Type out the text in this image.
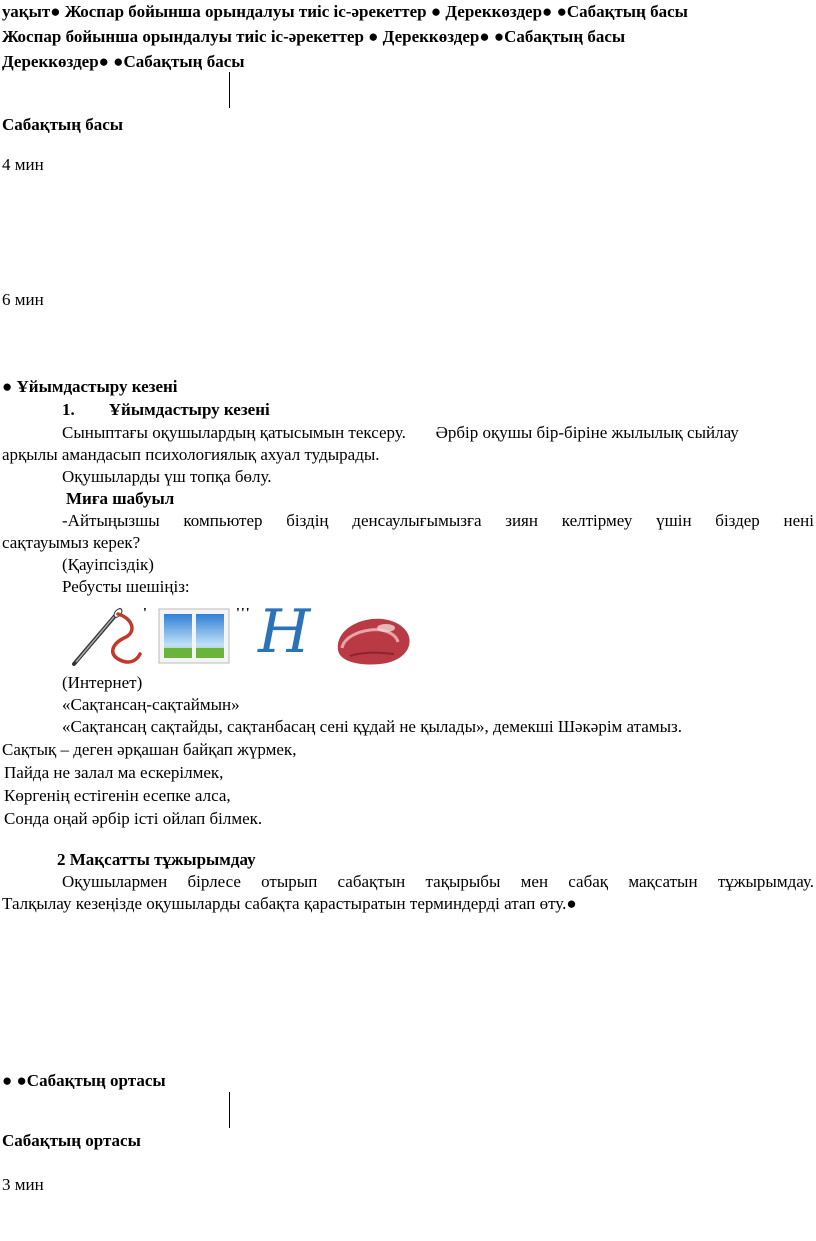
уақыт● Жоспар бойынша орындалуы тиіс іс-әрекеттер ● Дереккөздер● ●Сабақтың басы
Жоспар бойынша орындалуы тиіс іс-әрекеттер ● Дереккөздер● ●Сабақтың басы
Дереккөздер● ●Сабақтың басы
Сабақтың басы
4 мин
6 мин
● Ұйымдастыру кезені
1.        Ұйымдастыру кезені
Сыныптағы оқушылардың қатысымын тексеру.       Әрбір оқушы бір-біріне жылылық сыйлау
арқылы амандасып психологиялық ахуал тудырады.
Оқушыларды үш топқа бөлу.
Миға шабуыл
-Айтыңызшы компьютер біздің денсаулығымызға зиян келтірмеу үшін біздер нені
сақтауымыз керек?
(Қауіпсіздік)
Ребусты шешіңіз:
'	''' Н
(Интернет)
«Сақтансаң-сақтаймын»
«Сақтансаң сақтайды, сақтанбасаң сені құдай не қылады», демекші Шәкәрім атамыз.
Сақтық – деген әрқашан байқап жүрмек,
Пайда не залал ма ескерілмек,
Көргенің естігенін есепке алса,
Сонда оңай әрбір істі ойлап білмек.
2 Мақсатты тұжырымдау
Оқушылармен бірлесе отырып сабақтын тақырыбы мен сабақ мақсатын тұжырымдау.
Талқылау кезеңізде оқушыларды сабақта қарастыратын терминдерді атап өту.●
● ●Сабақтың ортасы
Сабақтың ортасы
3 мин
